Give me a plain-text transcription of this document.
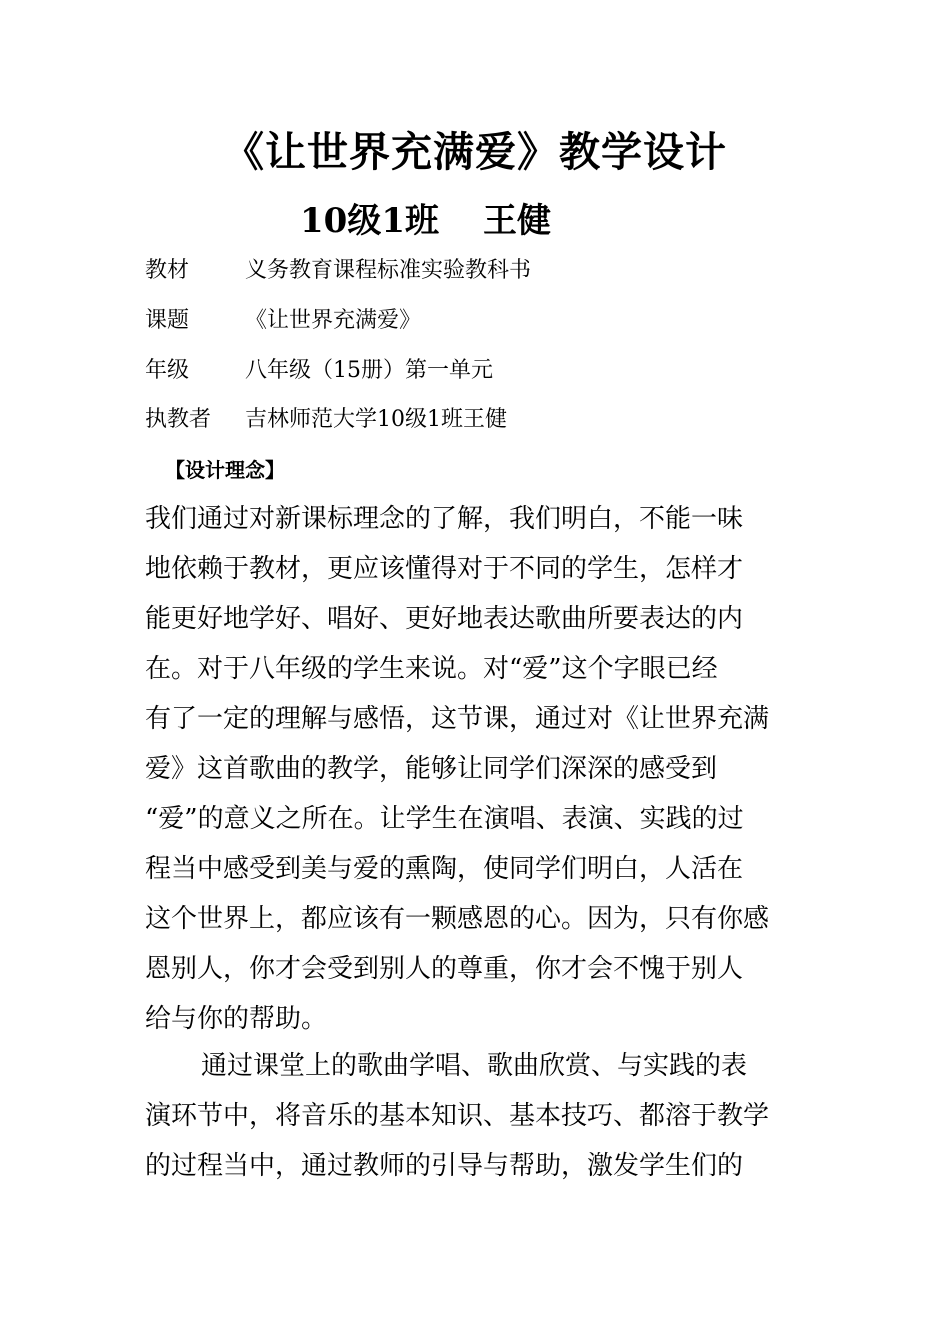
《让世界充满爱》教学设计
10级1班 王健
教材	义务教育课程标准实验教科书
课题	《让世界充满爱》
年级	八年级（15册）第一单元
执教者 吉林师范大学10级1班王健
【设计理念】
我们通过对新课标理念的了解，我们明白，不能一味
地依赖于教材，更应该懂得对于不同的学生，怎样才
能更好地学好、唱好、更好地表达歌曲所要表达的内
在。对于八年级的学生来说。对“爱”这个字眼已经
有了一定的理解与感悟，这节课，通过对《让世界充满
爱》这首歌曲的教学，能够让同学们深深的感受到
“爱”的意义之所在。让学生在演唱、表演、实践的过
程当中感受到美与爱的熏陶，使同学们明白，人活在
这个世界上，都应该有一颗感恩的心。因为，只有你感
恩别人，你才会受到别人的尊重，你才会不愧于别人
给与你的帮助。
通过课堂上的歌曲学唱、歌曲欣赏、与实践的表
演环节中，将音乐的基本知识、基本技巧、都溶于教学
的过程当中，通过教师的引导与帮助，激发学生们的
